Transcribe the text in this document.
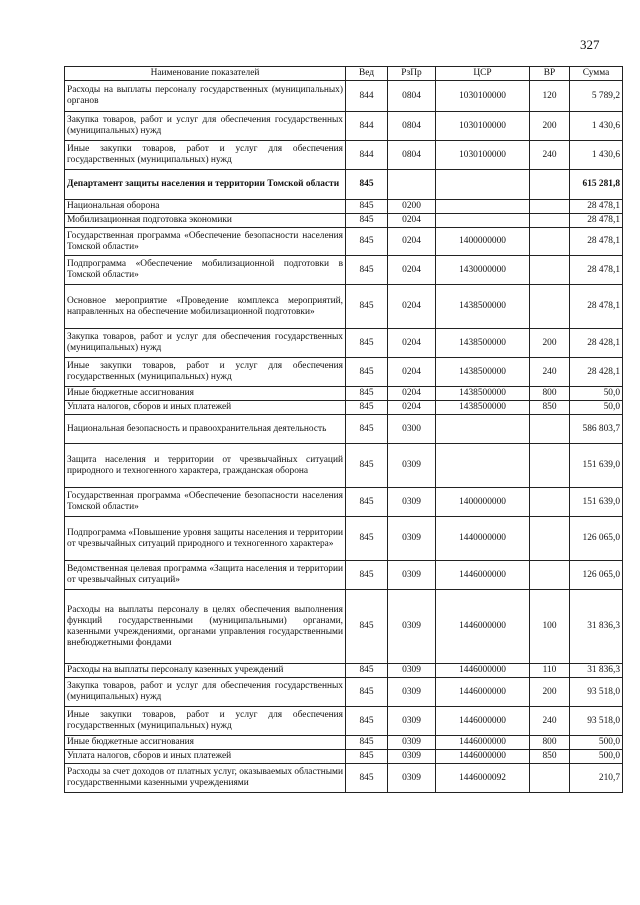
327
Наименование показателей	Вед	РзПр	ЦСР	ВР	Сумма
Расходы на выплаты персоналу государственных (муниципальных) органов	844	0804	1030100000	120	5 789,2
Закупка товаров, работ и услуг для обеспечения государственных (муниципальных) нужд	844	0804	1030100000	200	1 430,6
Иные закупки товаров, работ и услуг для обеспечения государственных (муниципальных) нужд	844	0804	1030100000	240	1 430,6
Департамент защиты населения и территории Томской области	845				615 281,8
Национальная оборона	845	0200			28 478,1
Мобилизационная подготовка экономики	845	0204			28 478,1
Государственная программа «Обеспечение безопасности населения Томской области»	845	0204	1400000000		28 478,1
Подпрограмма «Обеспечение мобилизационной подготовки в Томской области»	845	0204	1430000000		28 478,1
Основное мероприятие «Проведение комплекса мероприятий, направленных на обеспечение мобилизационной подготовки»	845	0204	1438500000		28 478,1
Закупка товаров, работ и услуг для обеспечения государственных (муниципальных) нужд	845	0204	1438500000	200	28 428,1
Иные закупки товаров, работ и услуг для обеспечения государственных (муниципальных) нужд	845	0204	1438500000	240	28 428,1
Иные бюджетные ассигнования	845	0204	1438500000	800	50,0
Уплата налогов, сборов и иных платежей	845	0204	1438500000	850	50,0
Национальная безопасность и правоохранительная деятельность	845	0300			586 803,7
Защита населения и территории от чрезвычайных ситуаций природного и техногенного характера, гражданская оборона	845	0309			151 639,0
Государственная программа «Обеспечение безопасности населения Томской области»	845	0309	1400000000		151 639,0
Подпрограмма «Повышение уровня защиты населения и территории от чрезвычайных ситуаций природного и техногенного характера»	845	0309	1440000000		126 065,0
Ведомственная целевая программа «Защита населения и территории от чрезвычайных ситуаций»	845	0309	1446000000		126 065,0
Расходы на выплаты персоналу в целях обеспечения выполнения функций государственными (муниципальными) органами, казенными учреждениями, органами управления государственными внебюджетными фондами	845	0309	1446000000	100	31 836,3
Расходы на выплаты персоналу казенных учреждений	845	0309	1446000000	110	31 836,3
Закупка товаров, работ и услуг для обеспечения государственных (муниципальных) нужд	845	0309	1446000000	200	93 518,0
Иные закупки товаров, работ и услуг для обеспечения государственных (муниципальных) нужд	845	0309	1446000000	240	93 518,0
Иные бюджетные ассигнования	845	0309	1446000000	800	500,0
Уплата налогов, сборов и иных платежей	845	0309	1446000000	850	500,0
Расходы за счет доходов от платных услуг, оказываемых областными государственными казенными учреждениями	845	0309	1446000092		210,7
